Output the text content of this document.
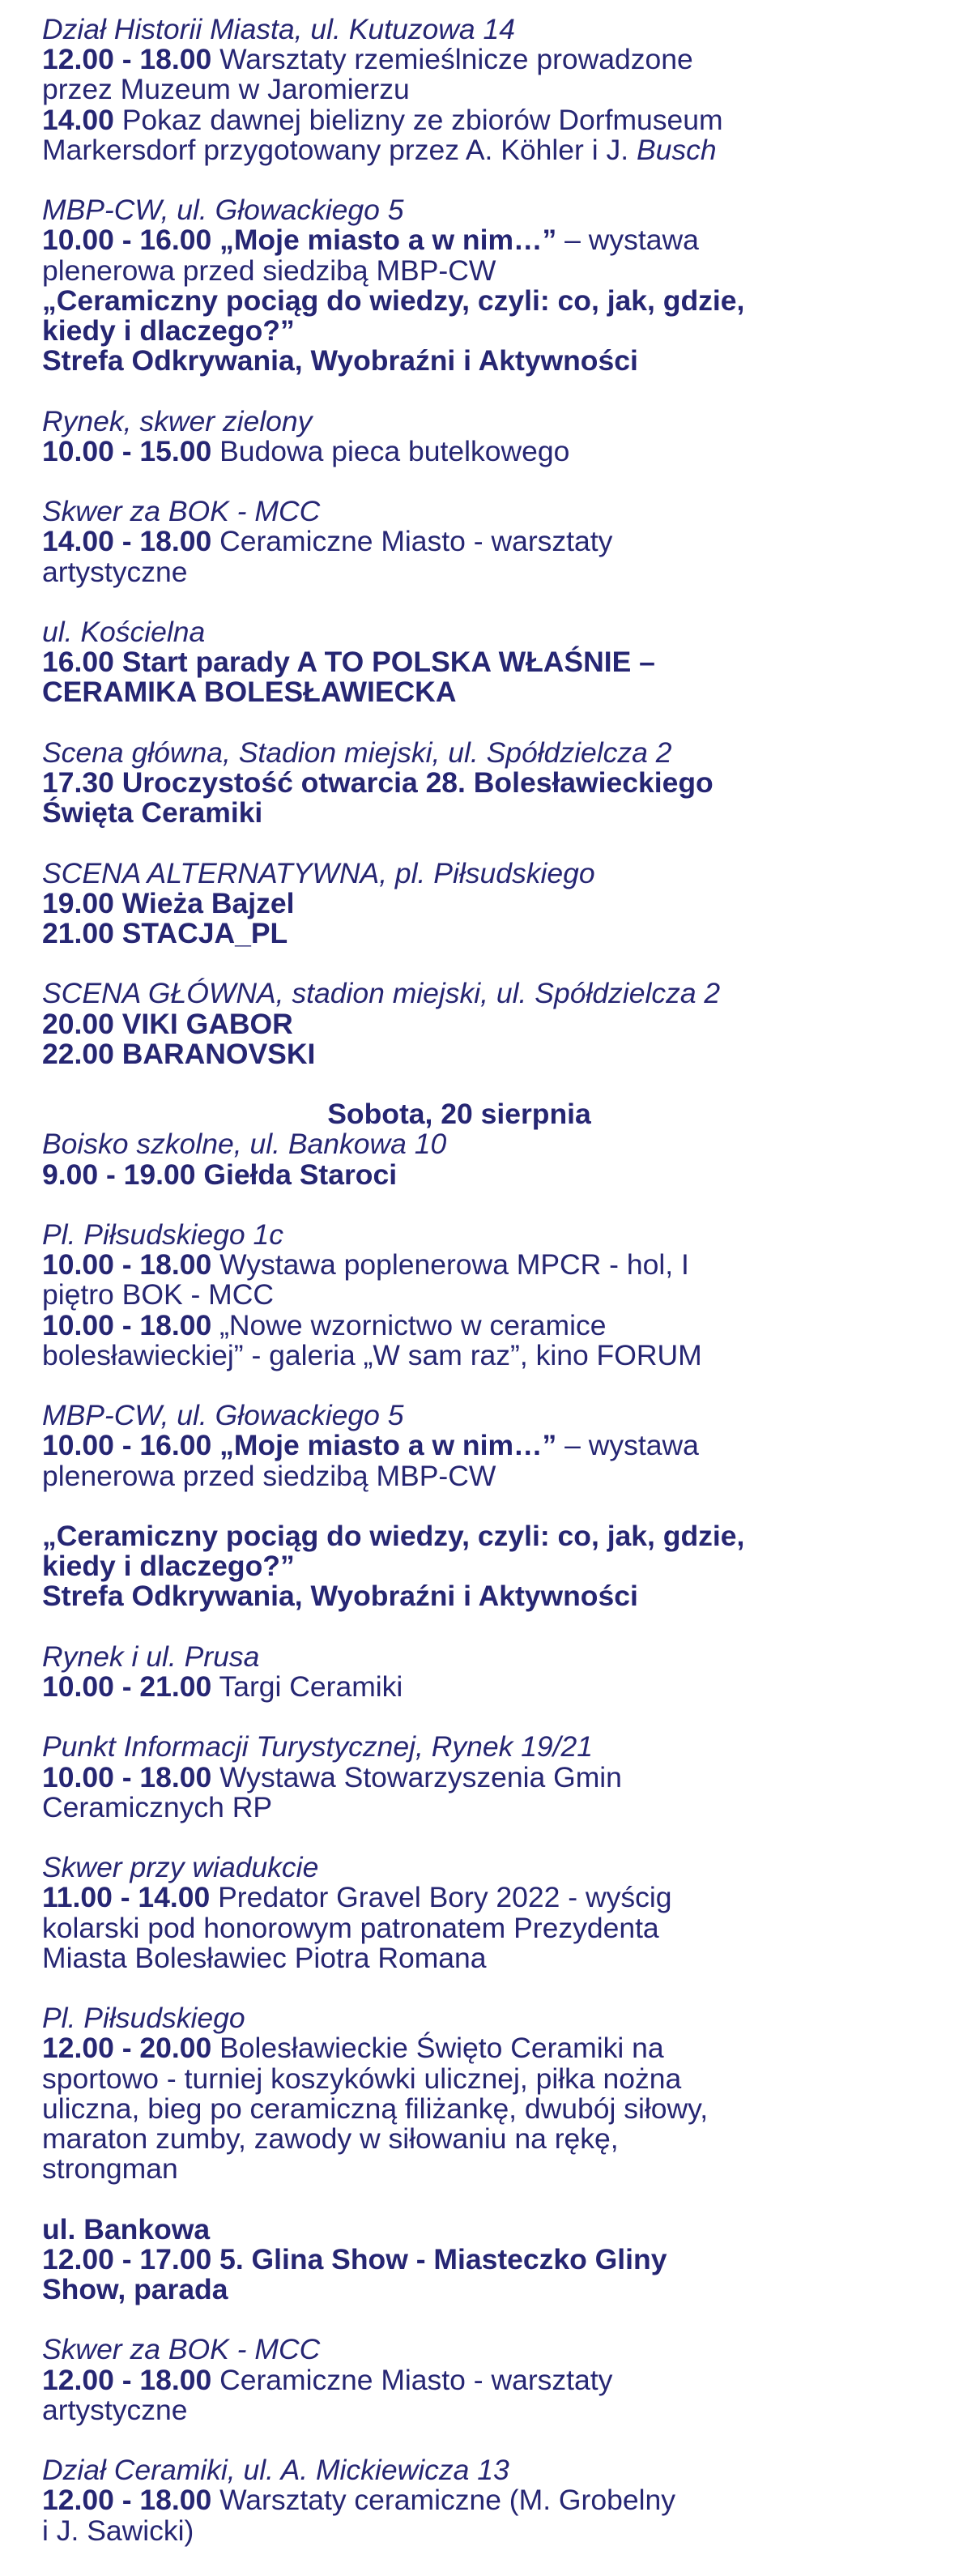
Dział Historii Miasta, ul. Kutuzowa 14
12.00 - 18.00 Warsztaty rzemieślnicze prowadzone
przez Muzeum w Jaromierzu
14.00 Pokaz dawnej bielizny ze zbiorów Dorfmuseum
Markersdorf przygotowany przez A. Köhler i J. Busch
MBP-CW, ul. Głowackiego 5
10.00 - 16.00 „Moje miasto a w nim…” – wystawa
plenerowa przed siedzibą MBP-CW
„Ceramiczny pociąg do wiedzy, czyli: co, jak, gdzie,
kiedy i dlaczego?”
Strefa Odkrywania, Wyobraźni i Aktywności
Rynek, skwer zielony
10.00 - 15.00 Budowa pieca butelkowego
Skwer za BOK - MCC
14.00 - 18.00 Ceramiczne Miasto - warsztaty
artystyczne
ul. Kościelna
16.00 Start parady A TO POLSKA WŁAŚNIE –
CERAMIKA BOLESŁAWIECKA
Scena główna, Stadion miejski, ul. Spółdzielcza 2
17.30 Uroczystość otwarcia 28. Bolesławieckiego
Święta Ceramiki
SCENA ALTERNATYWNA, pl. Piłsudskiego
19.00 Wieża Bajzel
21.00 STACJA_PL
SCENA GŁÓWNA, stadion miejski, ul. Spółdzielcza 2
20.00 VIKI GABOR
22.00 BARANOVSKI
Sobota, 20 sierpnia
Boisko szkolne, ul. Bankowa 10
9.00 - 19.00 Giełda Staroci
Pl. Piłsudskiego 1c
10.00 - 18.00 Wystawa poplenerowa MPCR - hol, I
piętro BOK - MCC
10.00 - 18.00 „Nowe wzornictwo w ceramice
bolesławieckiej” - galeria „W sam raz”, kino FORUM
MBP-CW, ul. Głowackiego 5
10.00 - 16.00 „Moje miasto a w nim…” – wystawa
plenerowa przed siedzibą MBP-CW
„Ceramiczny pociąg do wiedzy, czyli: co, jak, gdzie,
kiedy i dlaczego?”
Strefa Odkrywania, Wyobraźni i Aktywności
Rynek i ul. Prusa
10.00 - 21.00 Targi Ceramiki
Punkt Informacji Turystycznej, Rynek 19/21
10.00 - 18.00 Wystawa Stowarzyszenia Gmin
Ceramicznych RP
Skwer przy wiadukcie
11.00 - 14.00 Predator Gravel Bory 2022 - wyścig
kolarski pod honorowym patronatem Prezydenta
Miasta Bolesławiec Piotra Romana
Pl. Piłsudskiego
12.00 - 20.00 Bolesławieckie Święto Ceramiki na
sportowo - turniej koszykówki ulicznej, piłka nożna
uliczna, bieg po ceramiczną filiżankę, dwubój siłowy,
maraton zumby, zawody w siłowaniu na rękę,
strongman
ul. Bankowa
12.00 - 17.00 5. Glina Show - Miasteczko Gliny
Show, parada
Skwer za BOK - MCC
12.00 - 18.00 Ceramiczne Miasto - warsztaty
artystyczne
Dział Ceramiki, ul. A. Mickiewicza 13
12.00 - 18.00 Warsztaty ceramiczne (M. Grobelny
i J. Sawicki)
